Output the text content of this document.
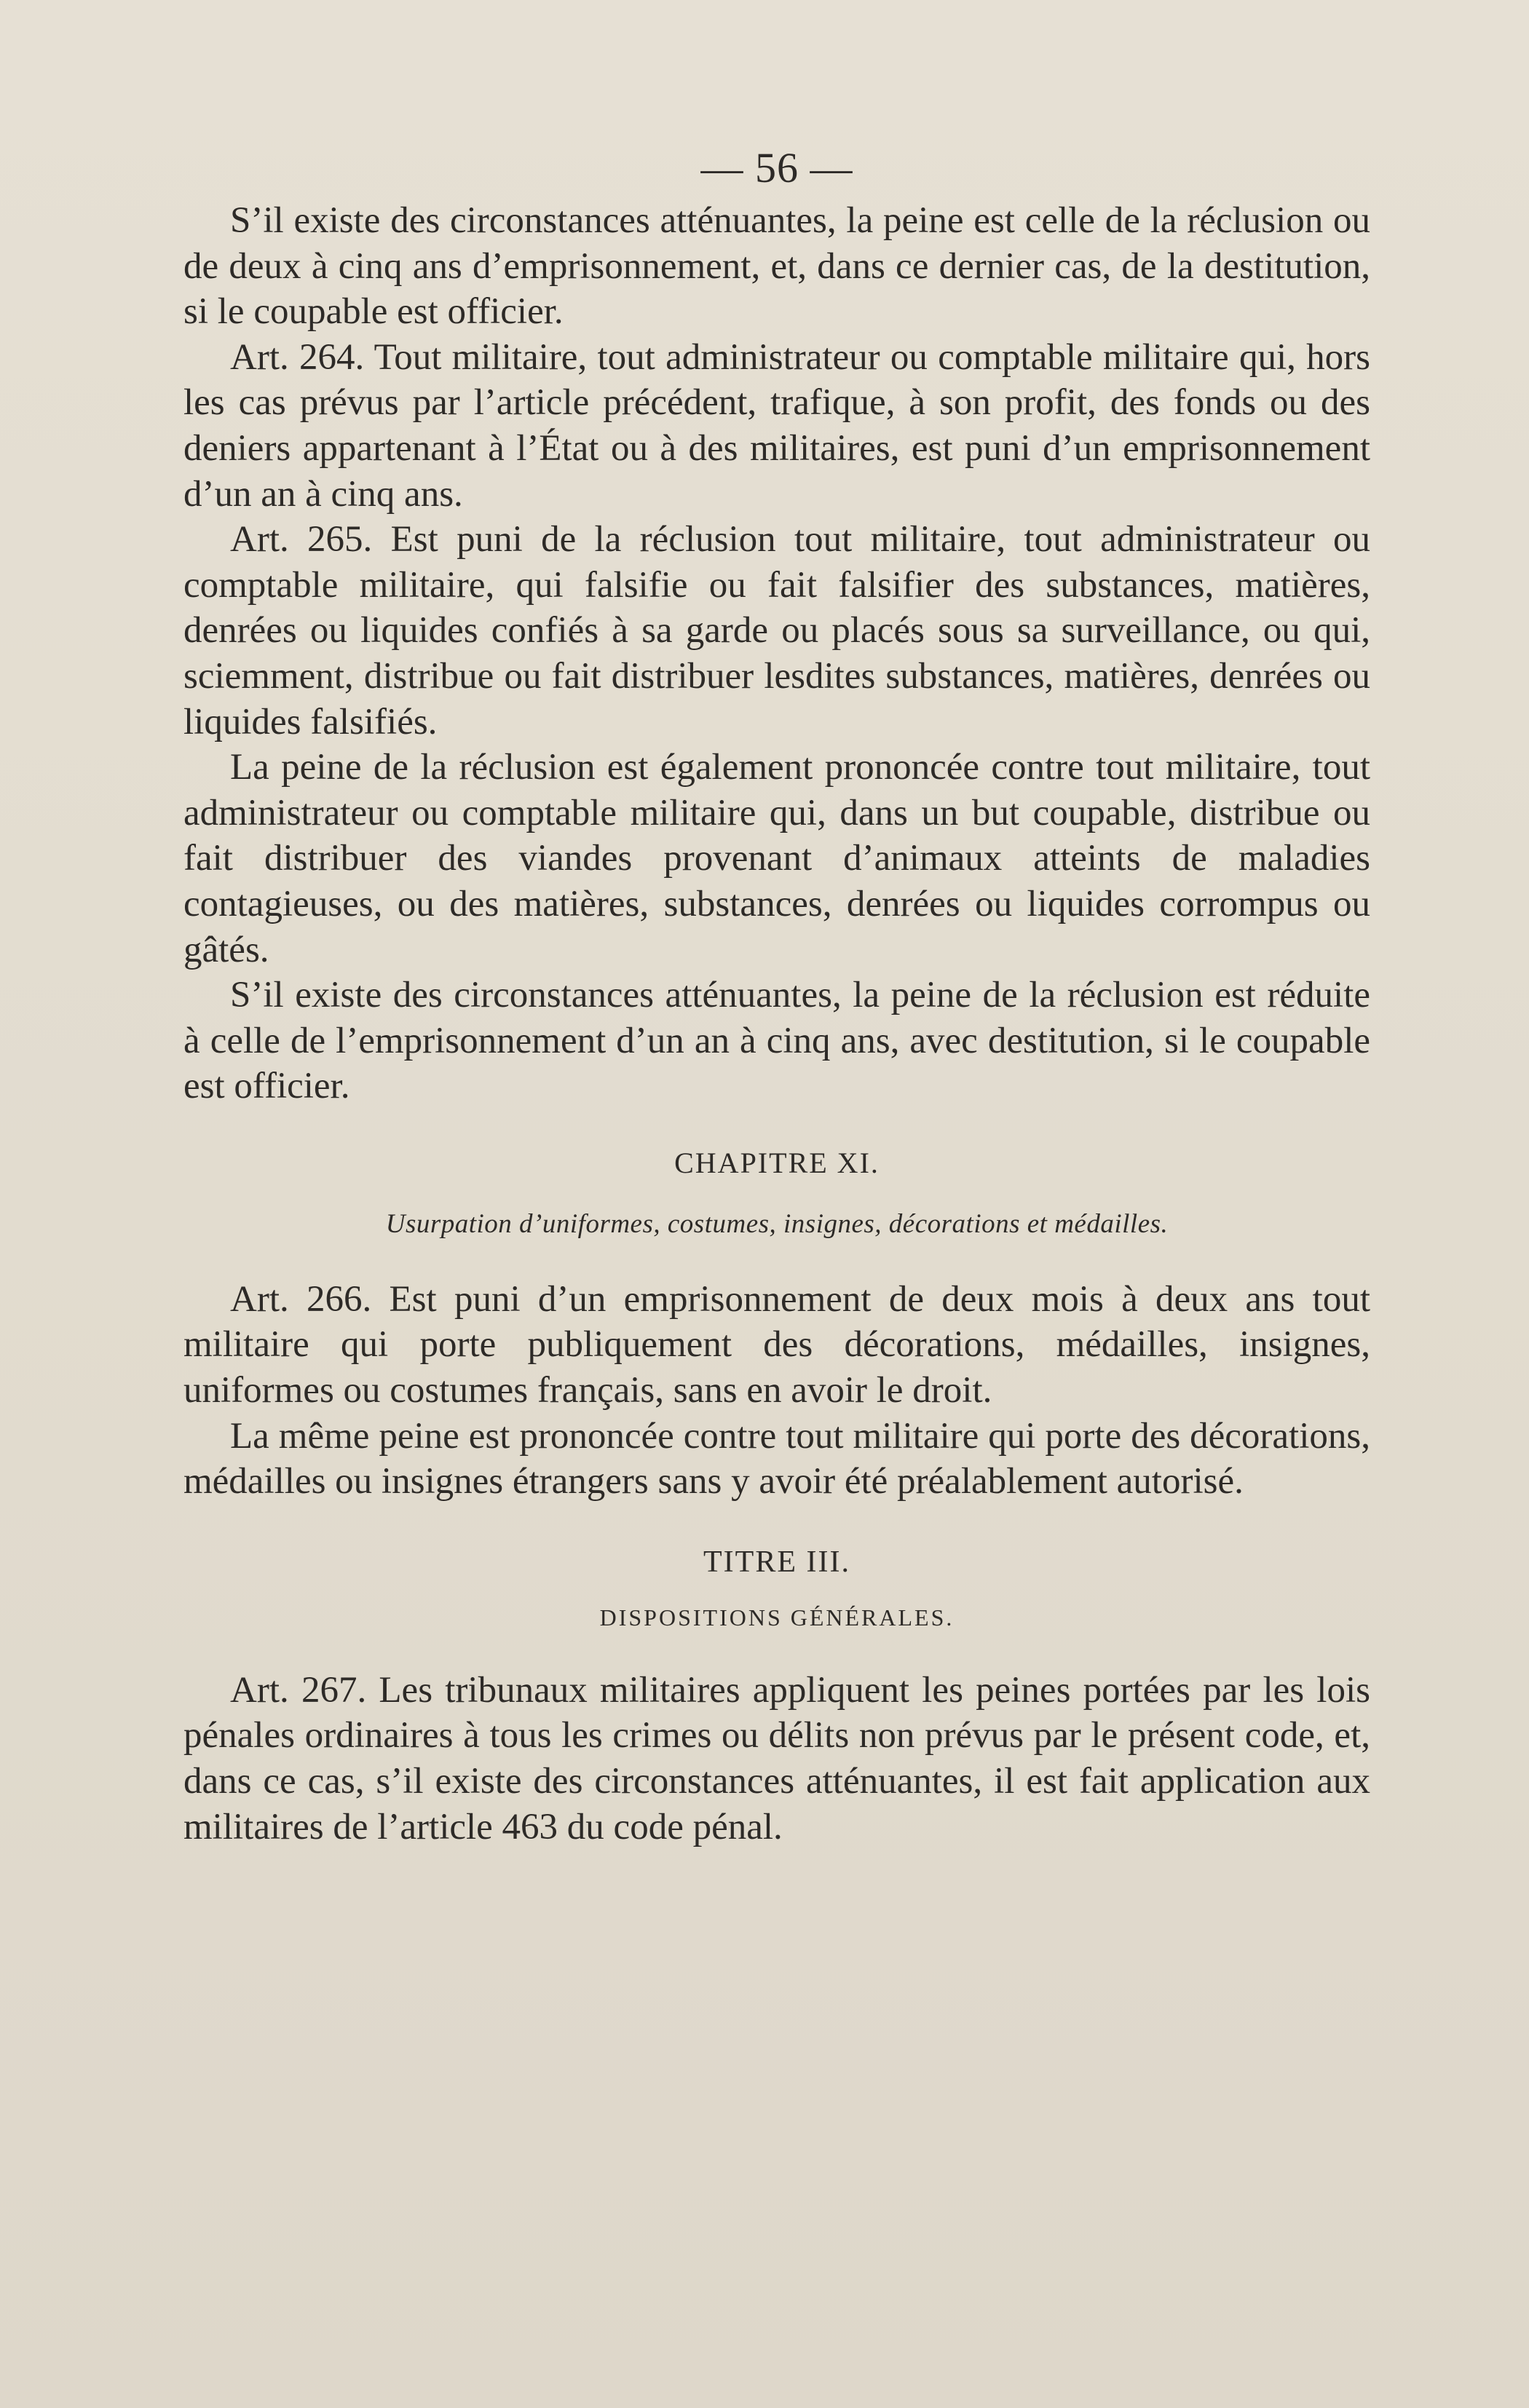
— 56 —

S’il existe des circonstances atténuantes, la peine est celle de la réclusion ou de deux à cinq ans d’emprisonnement, et, dans ce dernier cas, de la destitution, si le coupable est officier.

Art. 264. Tout militaire, tout administrateur ou comptable militaire qui, hors les cas prévus par l’article précédent, trafique, à son profit, des fonds ou des deniers appartenant à l’État ou à des militaires, est puni d’un emprisonnement d’un an à cinq ans.

Art. 265. Est puni de la réclusion tout militaire, tout administrateur ou comptable militaire, qui falsifie ou fait falsifier des substances, matières, denrées ou liquides confiés à sa garde ou placés sous sa surveillance, ou qui, sciemment, distribue ou fait distribuer lesdites substances, matières, denrées ou liquides falsifiés.

La peine de la réclusion est également prononcée contre tout militaire, tout administrateur ou comptable militaire qui, dans un but coupable, distribue ou fait distribuer des viandes provenant d’animaux atteints de maladies contagieuses, ou des matières, substances, denrées ou liquides corrompus ou gâtés.

S’il existe des circonstances atténuantes, la peine de la réclusion est réduite à celle de l’emprisonnement d’un an à cinq ans, avec destitution, si le coupable est officier.

CHAPITRE XI.
Usurpation d’uniformes, costumes, insignes, décorations et médailles.

Art. 266. Est puni d’un emprisonnement de deux mois à deux ans tout militaire qui porte publiquement des décorations, médailles, insignes, uniformes ou costumes français, sans en avoir le droit.

La même peine est prononcée contre tout militaire qui porte des décorations, médailles ou insignes étrangers sans y avoir été préalablement autorisé.

TITRE III.
DISPOSITIONS GÉNÉRALES.

Art. 267. Les tribunaux militaires appliquent les peines portées par les lois pénales ordinaires à tous les crimes ou délits non prévus par le présent code, et, dans ce cas, s’il existe des circonstances atténuantes, il est fait application aux militaires de l’article 463 du code pénal.
